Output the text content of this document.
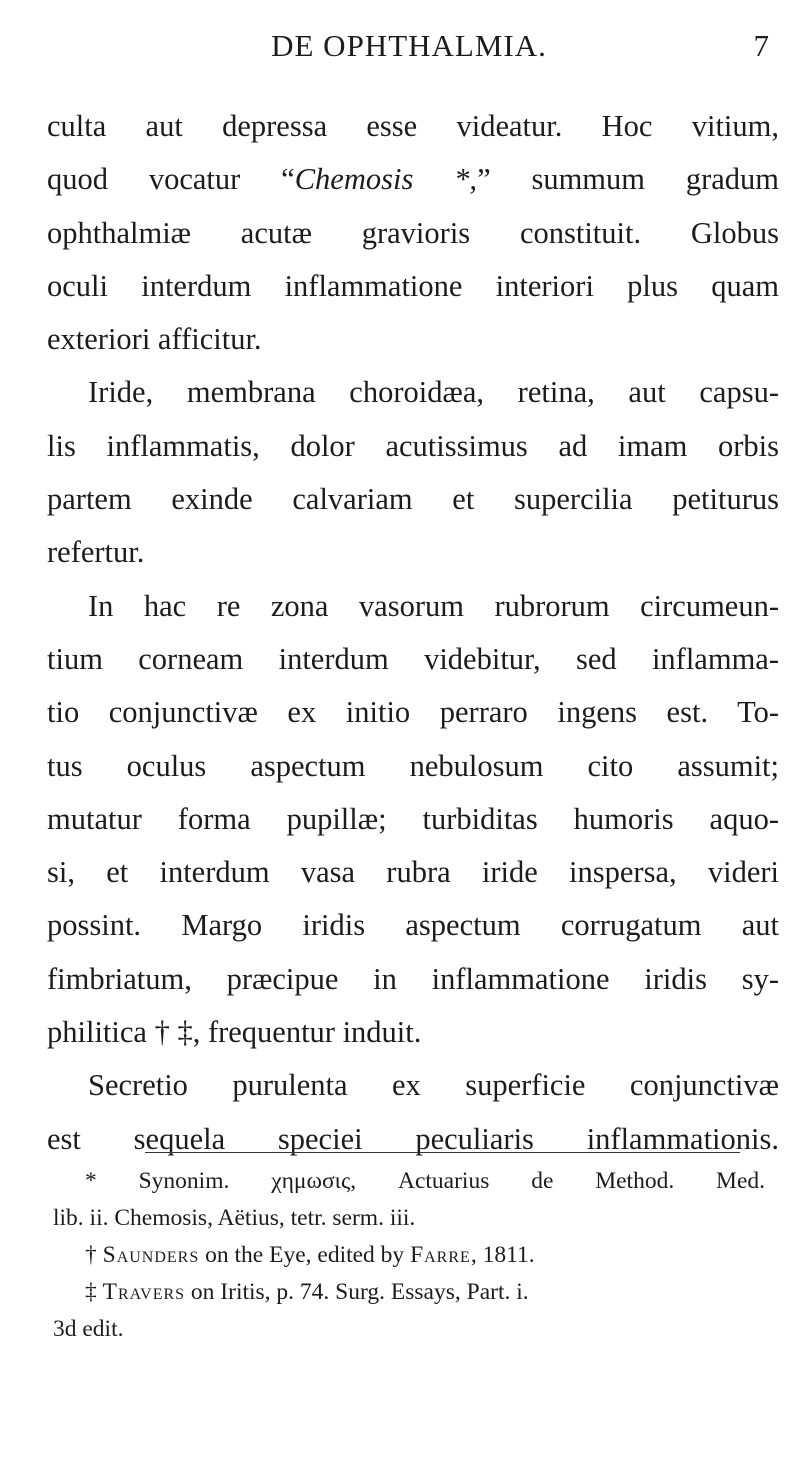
DE OPHTHALMIA.	7
culta aut depressa esse videatur. Hoc vitium,
quod vocatur “Chemosis *,” summum gradum
ophthalmiæ acutæ gravioris constituit. Globus
oculi interdum inflammatione interiori plus quam
exteriori afficitur.
Iride, membrana choroidæa, retina, aut capsu-
lis inflammatis, dolor acutissimus ad imam orbis
partem exinde calvariam et supercilia petiturus
refertur.
In hac re zona vasorum rubrorum circumeun-
tium corneam interdum videbitur, sed inflamma-
tio conjunctivæ ex initio perraro ingens est. To-
tus oculus aspectum nebulosum cito assumit;
mutatur forma pupillæ; turbiditas humoris aquo-
si, et interdum vasa rubra iride inspersa, videri
possint. Margo iridis aspectum corrugatum aut
fimbriatum, præcipue in inflammatione iridis sy-
philitica † ‡, frequentur induit.
Secretio purulenta ex superficie conjunctivæ
est sequela speciei peculiaris inflammationis.
* Synonim. χημωσις, Actuarius de Method. Med.
lib. ii. Chemosis, Aëtius, tetr. serm. iii.
† Saunders on the Eye, edited by Farre, 1811.
‡ Travers on Iritis, p. 74. Surg. Essays, Part. i.
3d edit.
